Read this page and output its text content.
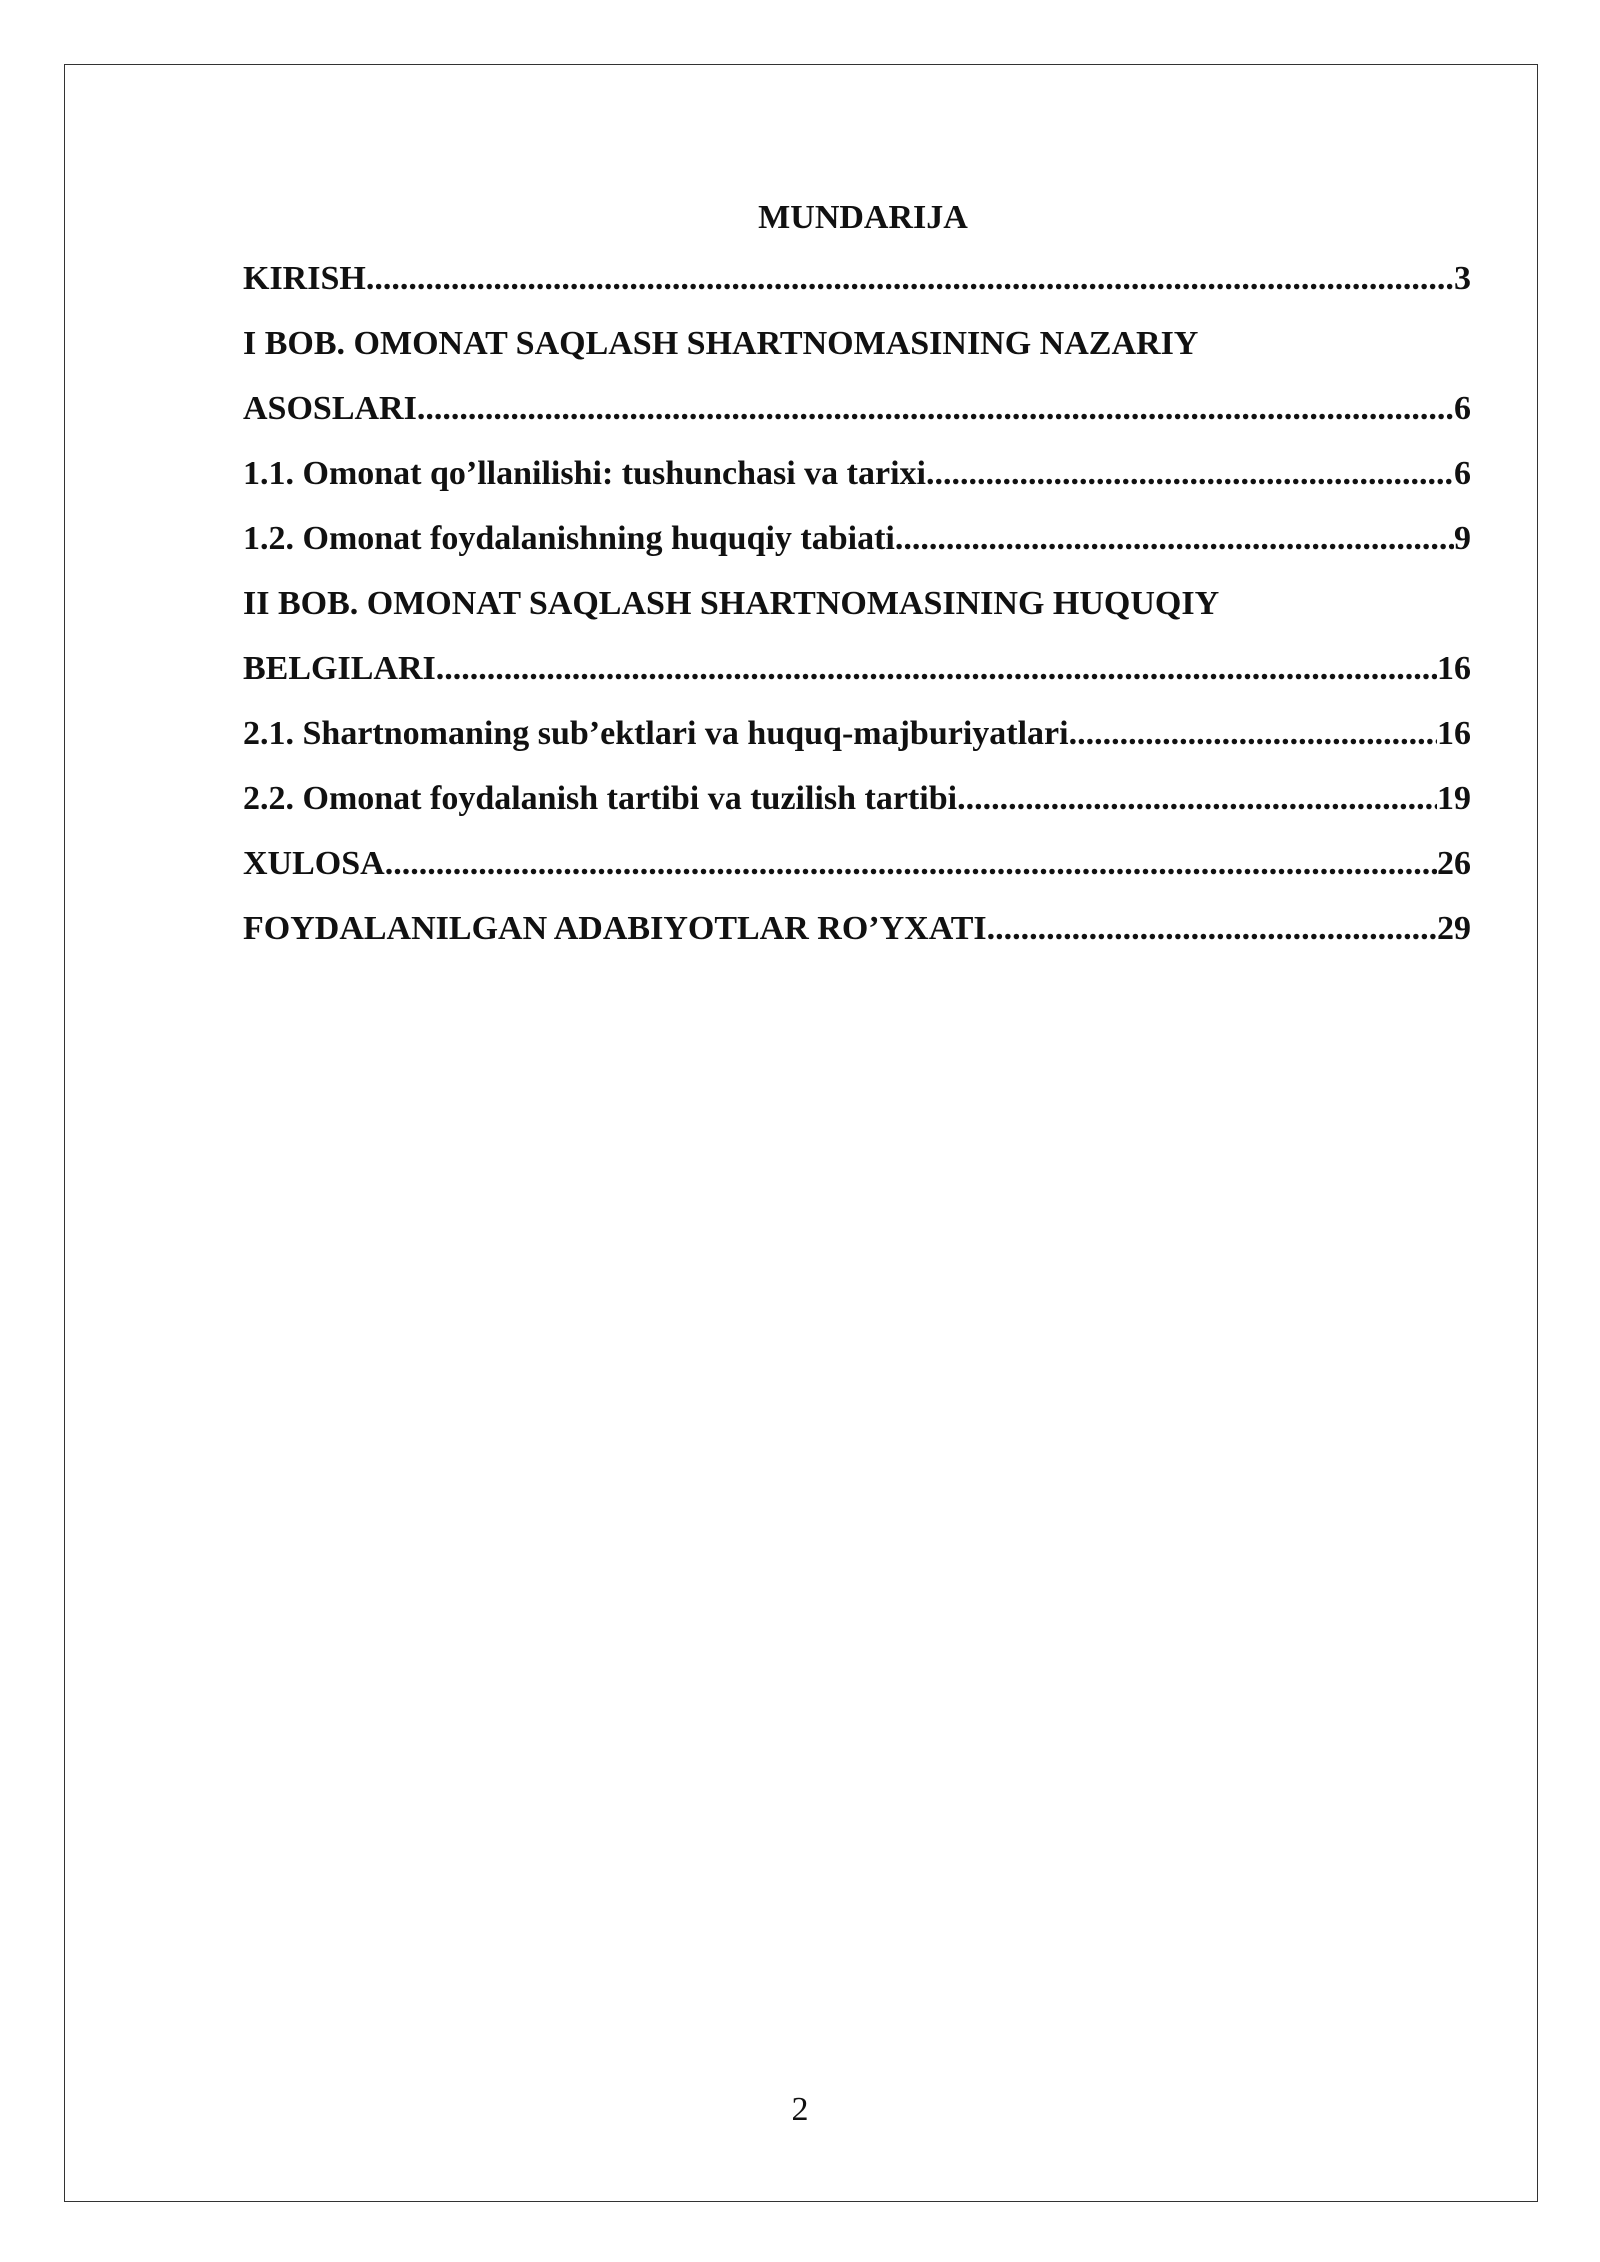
MUNDARIJA
KIRISH .....	3
I BOB. OMONAT SAQLASH SHARTNOMASINING NAZARIY
ASOSLARI .....	6
1.1. Omonat qo’llanilishi: tushunchasi va tarixi .....	6
1.2. Omonat foydalanishning huquqiy tabiati .....	9
II BOB. OMONAT SAQLASH SHARTNOMASINING HUQUQIY
BELGILARI .....	16
2.1. Shartnomaning sub’ektlari va huquq-majburiyatlari .....	16
2.2. Omonat foydalanish tartibi va tuzilish tartibi .....	19
XULOSA .....	26
FOYDALANILGAN ADABIYOTLAR RO’YXATI .....	29
2
